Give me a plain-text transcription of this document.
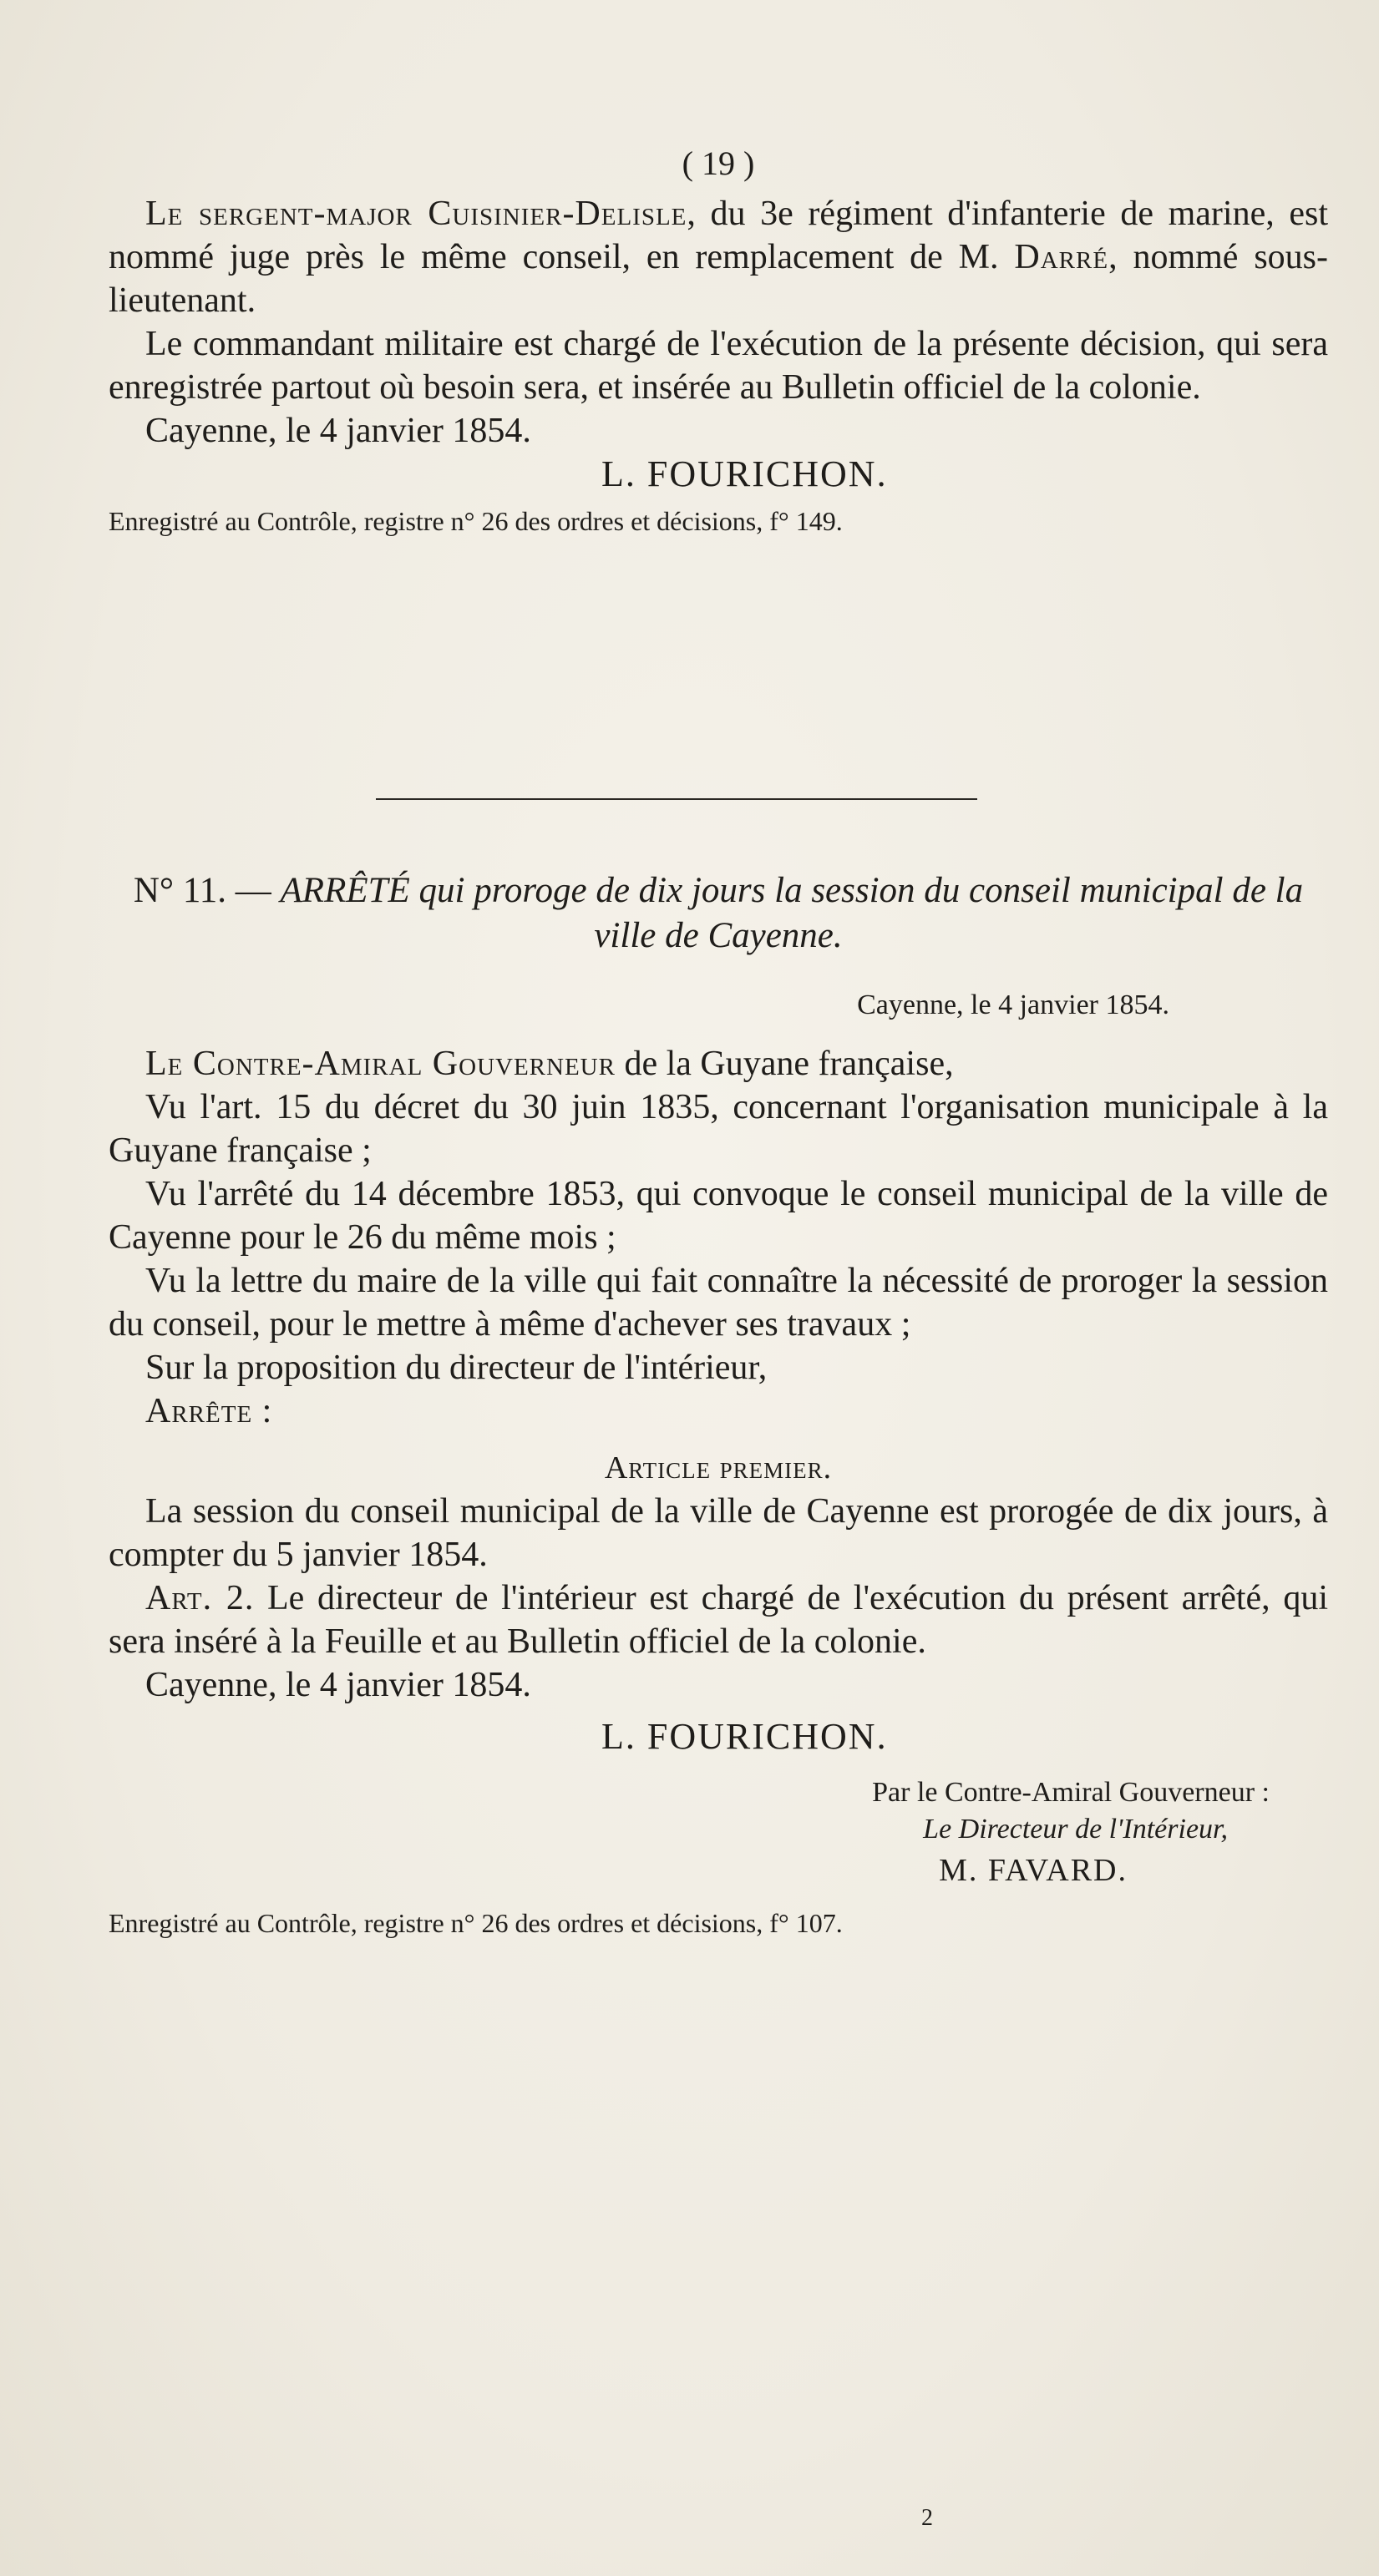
( 19 )

Le sergent-major Cuisinier-Delisle, du 3e régiment d'infanterie de marine, est nommé juge près le même conseil, en remplacement de M. Darré, nommé sous-lieutenant.

Le commandant militaire est chargé de l'exécution de la présente décision, qui sera enregistrée partout où besoin sera, et insérée au Bulletin officiel de la colonie.

Cayenne, le 4 janvier 1854.

L. FOURICHON.

Enregistré au Contrôle, registre n° 26 des ordres et décisions, f° 149.

N° 11. — ARRÊTÉ qui proroge de dix jours la session du conseil municipal de la ville de Cayenne.

Cayenne, le 4 janvier 1854.

Le Contre-Amiral Gouverneur de la Guyane française,

Vu l'art. 15 du décret du 30 juin 1835, concernant l'organisation municipale à la Guyane française ;

Vu l'arrêté du 14 décembre 1853, qui convoque le conseil municipal de la ville de Cayenne pour le 26 du même mois ;

Vu la lettre du maire de la ville qui fait connaître la nécessité de proroger la session du conseil, pour le mettre à même d'achever ses travaux ;

Sur la proposition du directeur de l'intérieur,

Arrête :

Article premier.

La session du conseil municipal de la ville de Cayenne est prorogée de dix jours, à compter du 5 janvier 1854.

Art. 2. Le directeur de l'intérieur est chargé de l'exécution du présent arrêté, qui sera inséré à la Feuille et au Bulletin officiel de la colonie.

Cayenne, le 4 janvier 1854.

L. FOURICHON.

Par le Contre-Amiral Gouverneur :

Le Directeur de l'Intérieur,

M. FAVARD.

Enregistré au Contrôle, registre n° 26 des ordres et décisions, f° 107.

2
